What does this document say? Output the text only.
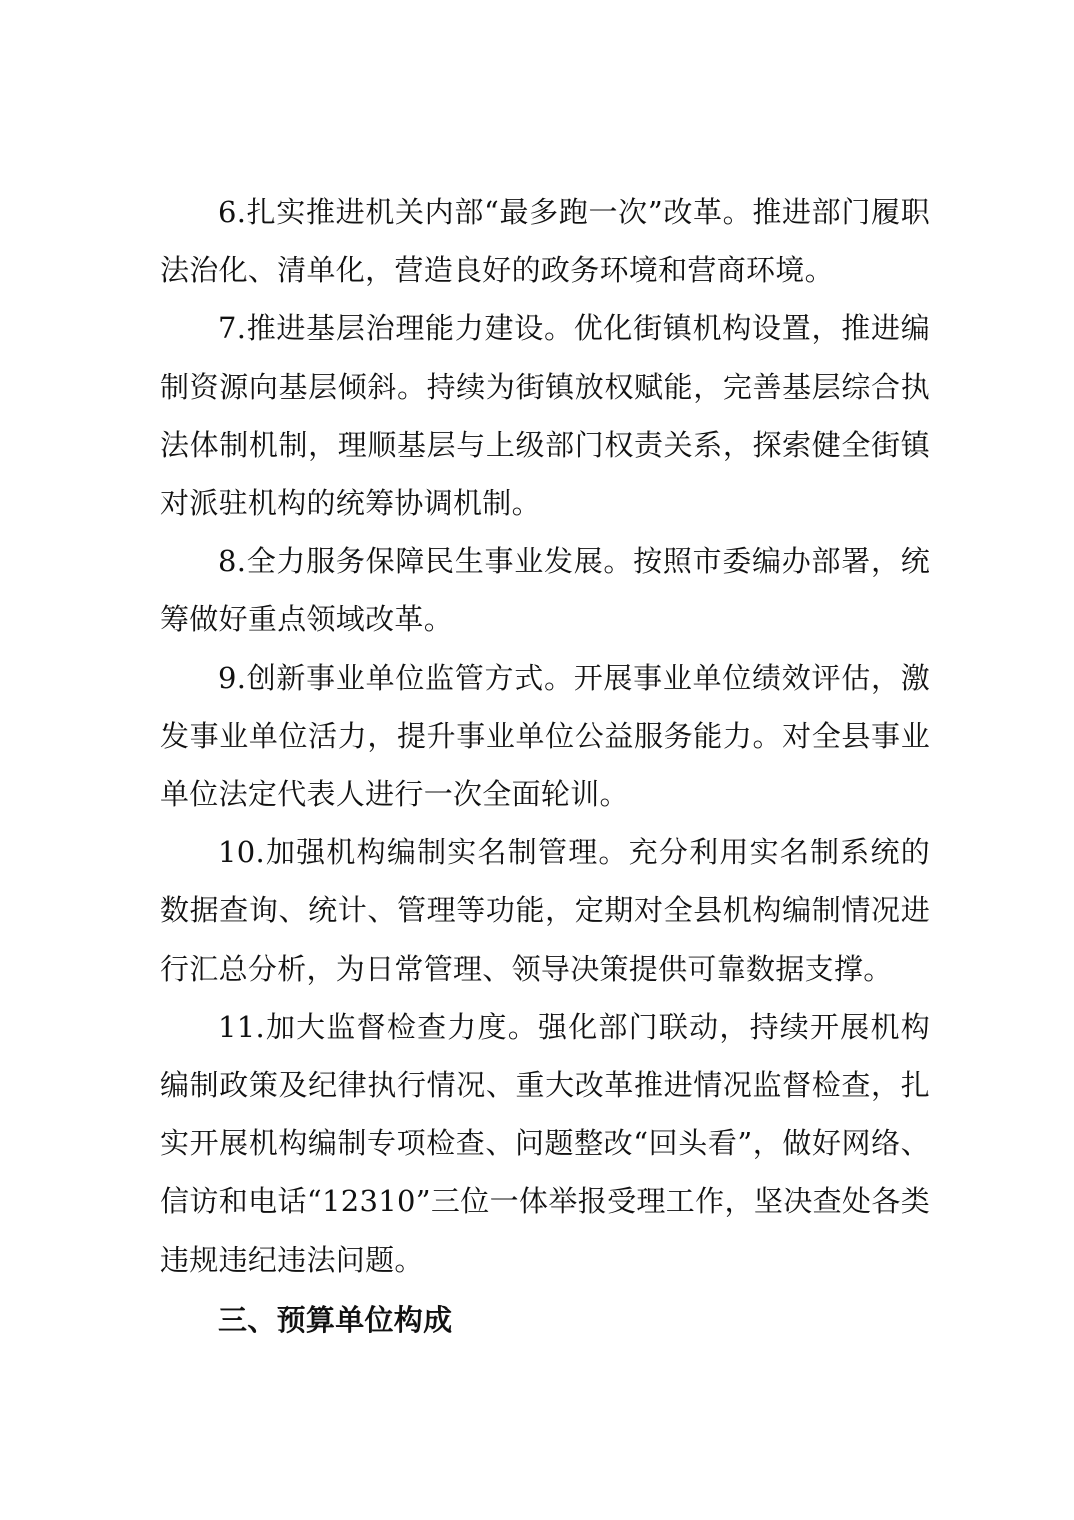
6.扎实推进机关内部“最多跑一次”改革。推进部门履职法治化、清单化，营造良好的政务环境和营商环境。

7.推进基层治理能力建设。优化街镇机构设置，推进编制资源向基层倾斜。持续为街镇放权赋能，完善基层综合执法体制机制，理顺基层与上级部门权责关系，探索健全街镇对派驻机构的统筹协调机制。

8.全力服务保障民生事业发展。按照市委编办部署，统筹做好重点领域改革。

9.创新事业单位监管方式。开展事业单位绩效评估，激发事业单位活力，提升事业单位公益服务能力。对全县事业单位法定代表人进行一次全面轮训。

10.加强机构编制实名制管理。充分利用实名制系统的数据查询、统计、管理等功能，定期对全县机构编制情况进行汇总分析，为日常管理、领导决策提供可靠数据支撑。

11.加大监督检查力度。强化部门联动，持续开展机构编制政策及纪律执行情况、重大改革推进情况监督检查，扎实开展机构编制专项检查、问题整改“回头看”，做好网络、信访和电话“12310”三位一体举报受理工作，坚决查处各类违规违纪违法问题。

三、预算单位构成
